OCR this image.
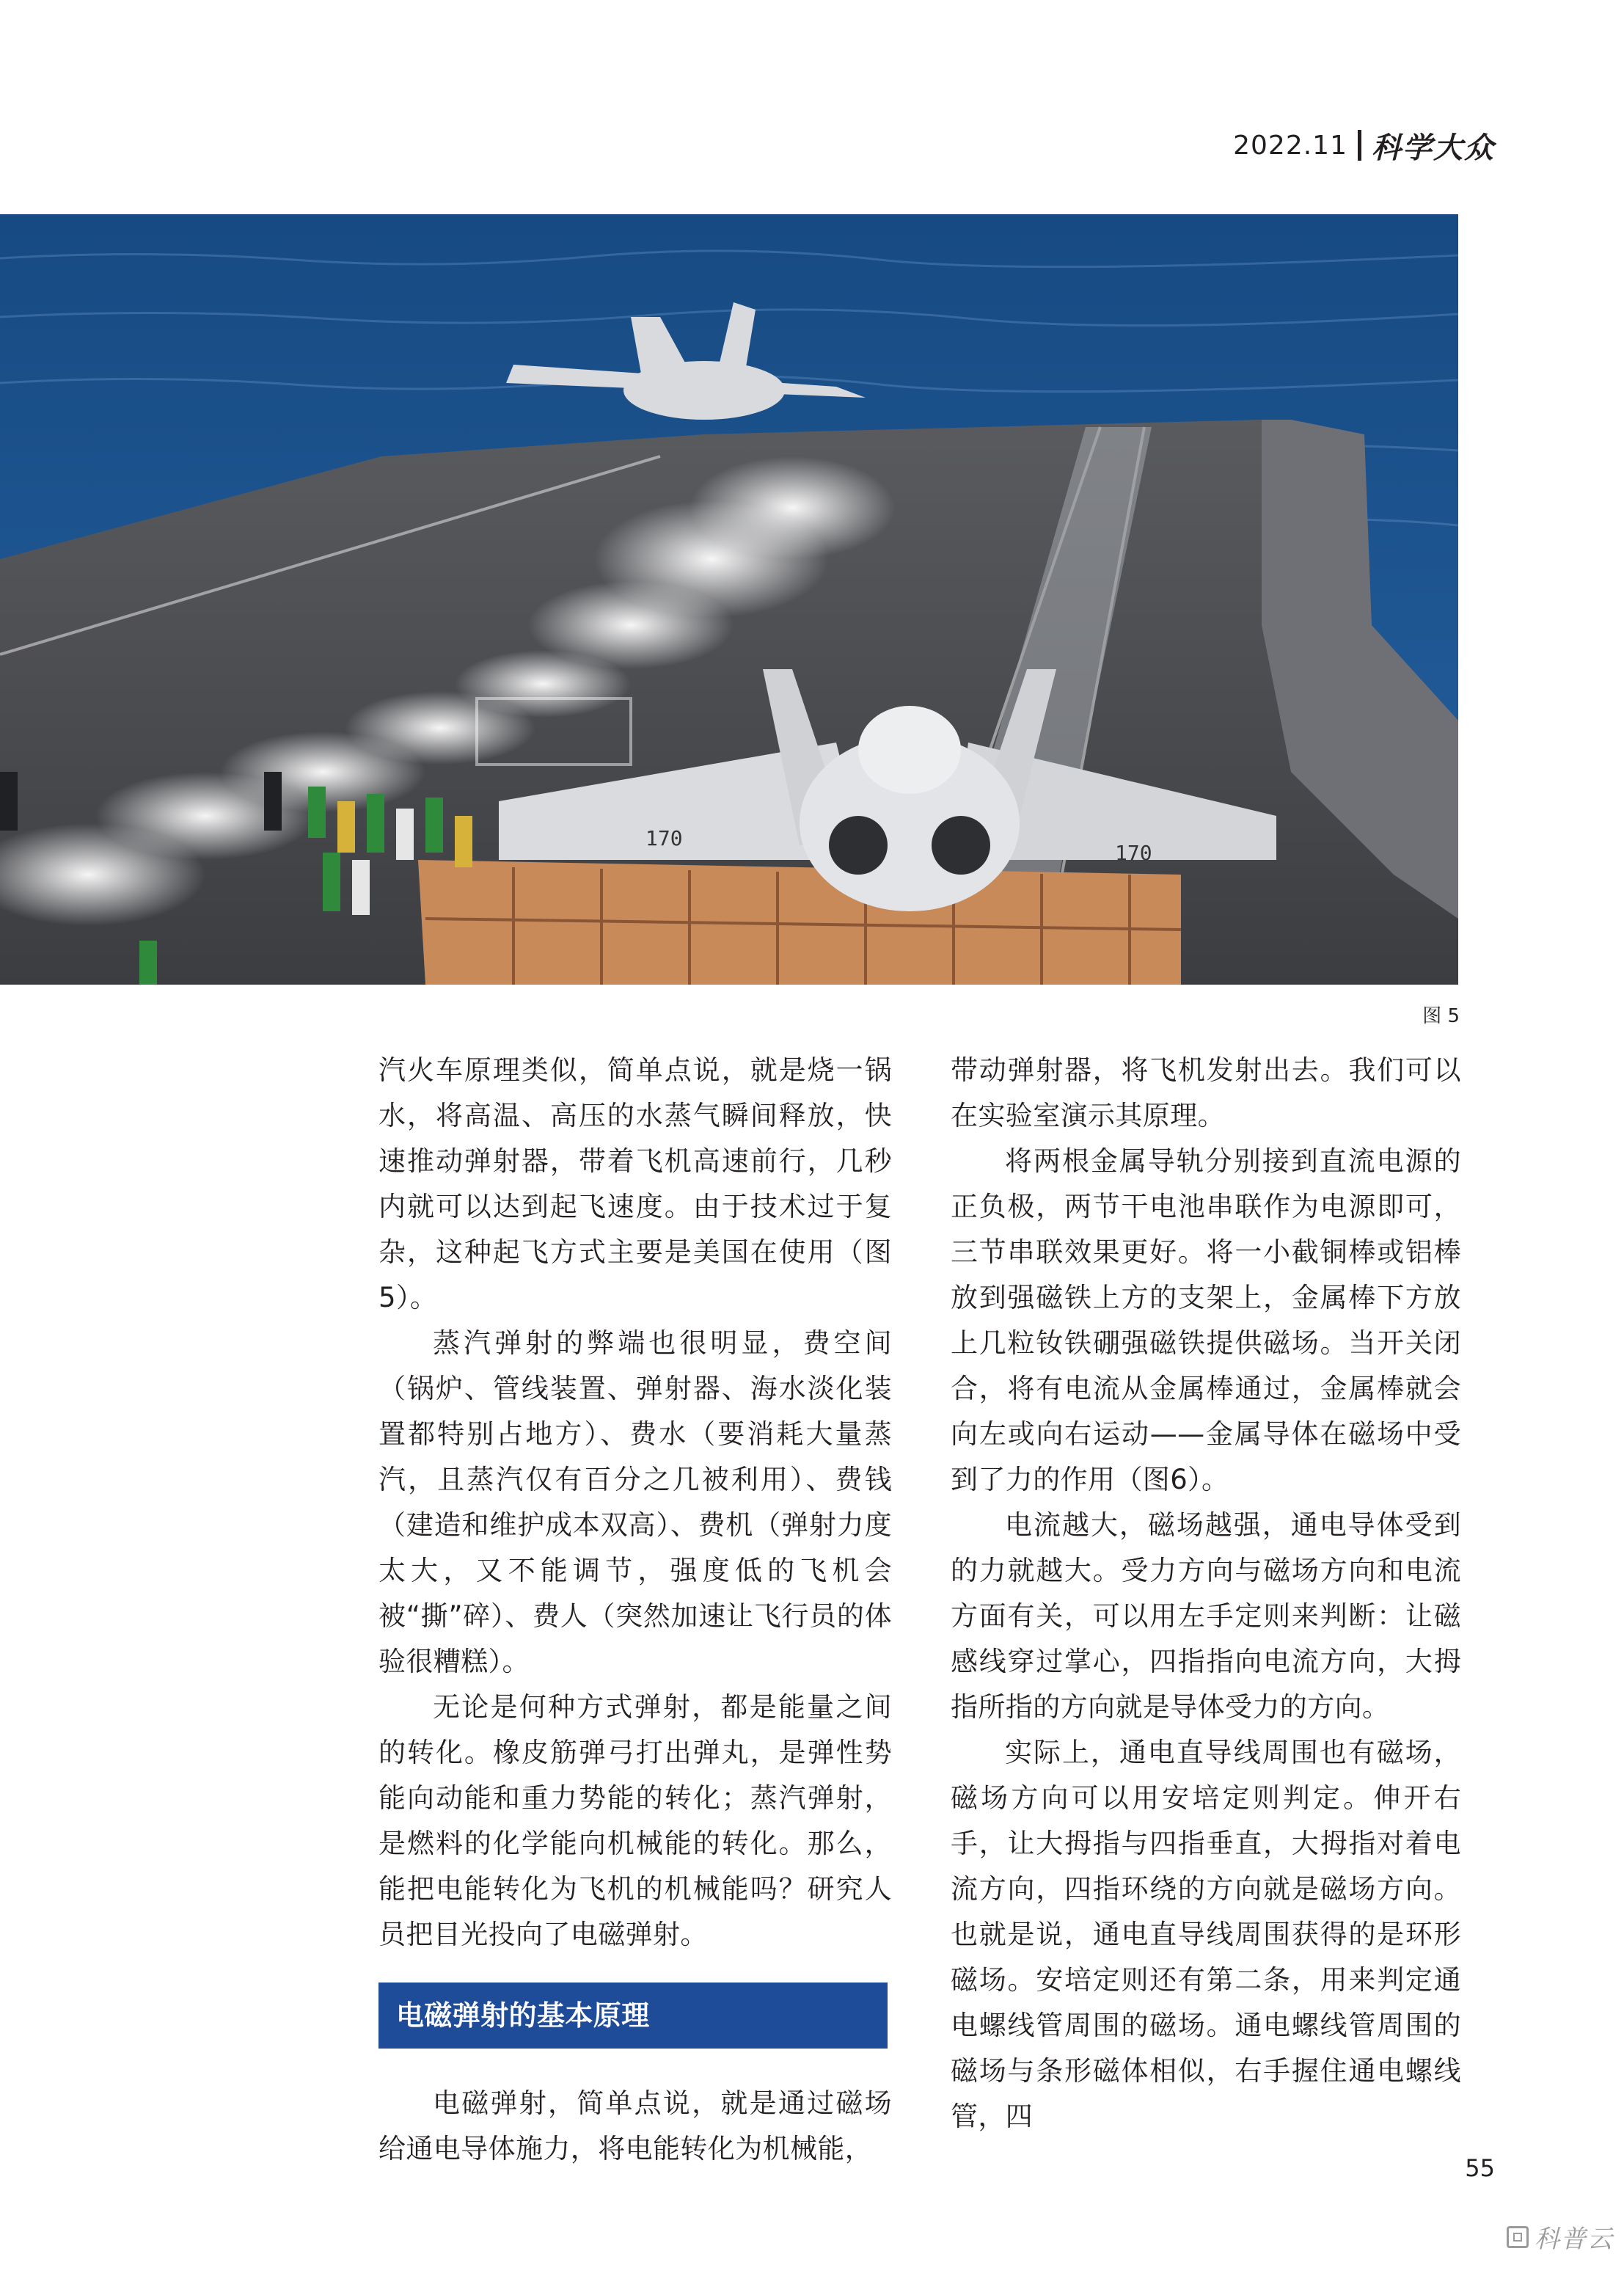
2022.11 科学大众
170
170
图 5

汽火车原理类似，简单点说，就是烧一锅水，将高温、高压的水蒸气瞬间释放，快速推动弹射器，带着飞机高速前行，几秒内就可以达到起飞速度。由于技术过于复杂，这种起飞方式主要是美国在使用（图5）。

蒸汽弹射的弊端也很明显，费空间（锅炉、管线装置、弹射器、海水淡化装置都特别占地方）、费水（要消耗大量蒸汽，且蒸汽仅有百分之几被利用）、费钱（建造和维护成本双高）、费机（弹射力度太大，又不能调节，强度低的飞机会被“撕”碎）、费人（突然加速让飞行员的体验很糟糕）。

无论是何种方式弹射，都是能量之间的转化。橡皮筋弹弓打出弹丸，是弹性势能向动能和重力势能的转化；蒸汽弹射，是燃料的化学能向机械能的转化。那么，能把电能转化为飞机的机械能吗？研究人员把目光投向了电磁弹射。

电磁弹射的基本原理

电磁弹射，简单点说，就是通过磁场给通电导体施力，将电能转化为机械能，

带动弹射器，将飞机发射出去。我们可以在实验室演示其原理。

将两根金属导轨分别接到直流电源的正负极，两节干电池串联作为电源即可，三节串联效果更好。将一小截铜棒或铝棒放到强磁铁上方的支架上，金属棒下方放上几粒钕铁硼强磁铁提供磁场。当开关闭合，将有电流从金属棒通过，金属棒就会向左或向右运动——金属导体在磁场中受到了力的作用（图6）。

电流越大，磁场越强，通电导体受到的力就越大。受力方向与磁场方向和电流方面有关，可以用左手定则来判断：让磁感线穿过掌心，四指指向电流方向，大拇指所指的方向就是导体受力的方向。

实际上，通电直导线周围也有磁场，磁场方向可以用安培定则判定。伸开右手，让大拇指与四指垂直，大拇指对着电流方向，四指环绕的方向就是磁场方向。也就是说，通电直导线周围获得的是环形磁场。安培定则还有第二条，用来判定通电螺线管周围的磁场。通电螺线管周围的磁场与条形磁体相似，右手握住通电螺线管，四

55
科普云
